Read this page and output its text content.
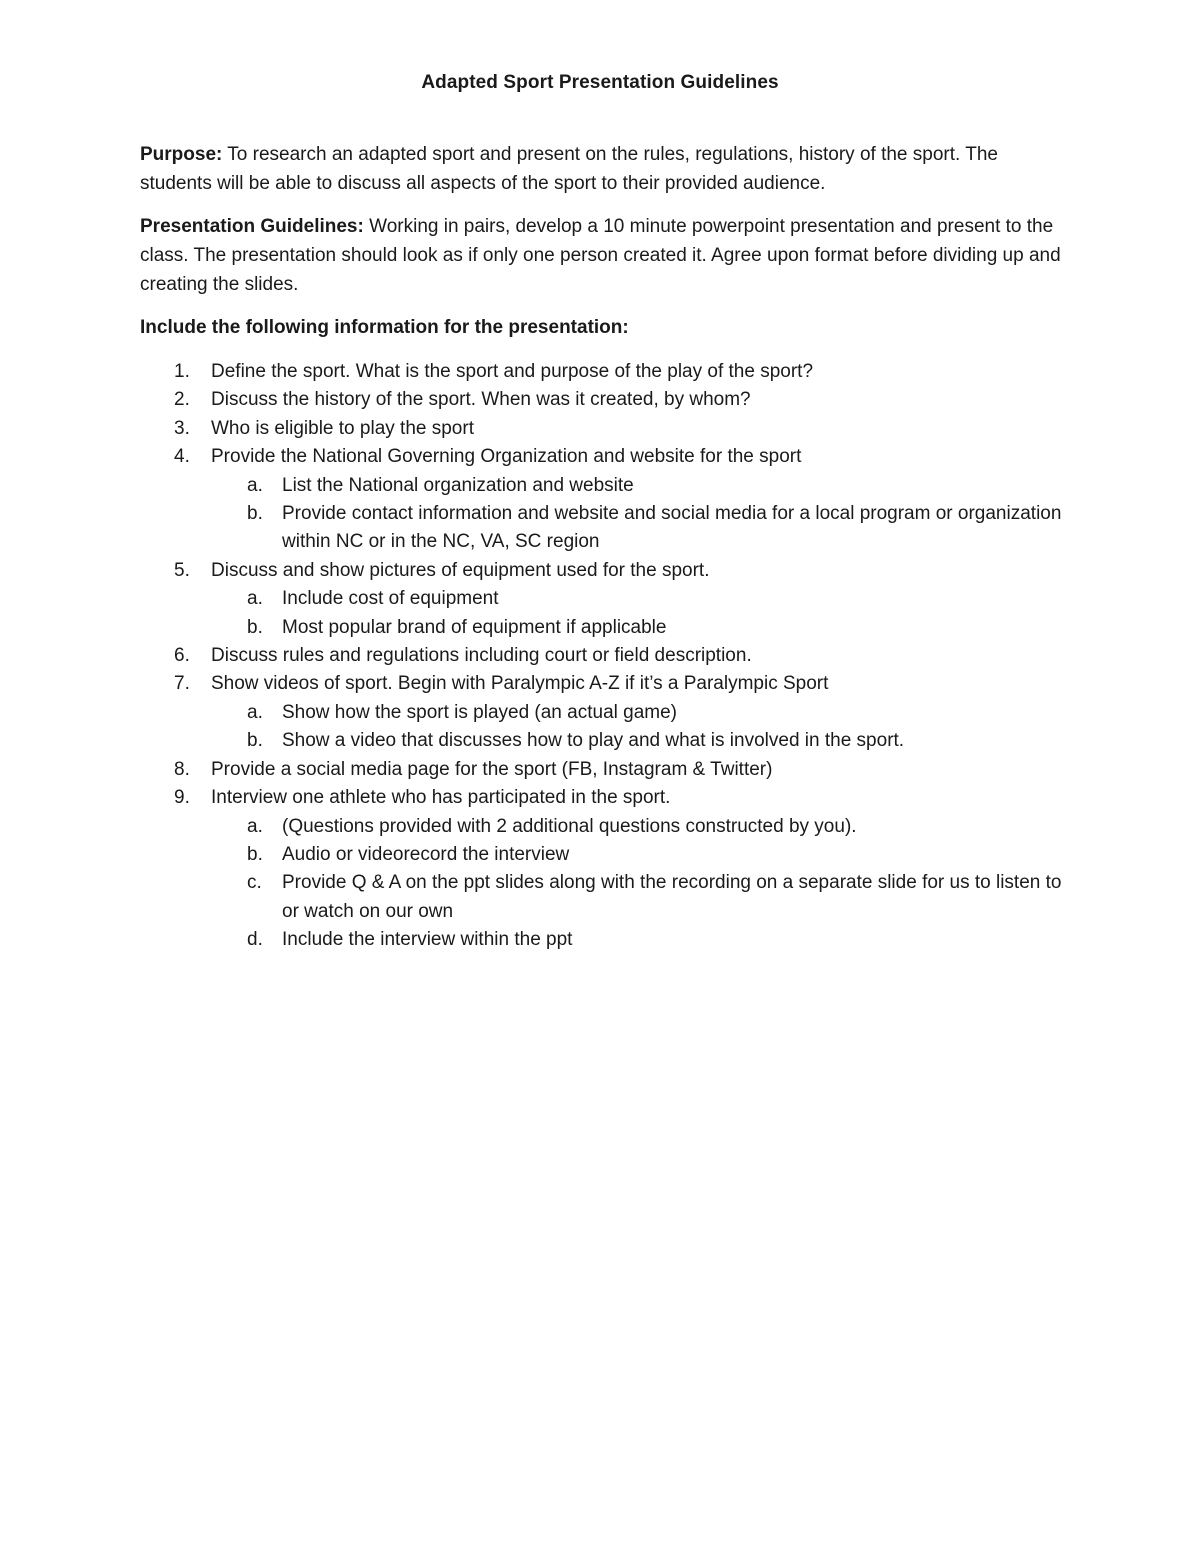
Adapted Sport Presentation Guidelines

Purpose: To research an adapted sport and present on the rules, regulations, history of the sport. The students will be able to discuss all aspects of the sport to their provided audience.

Presentation Guidelines: Working in pairs, develop a 10 minute powerpoint presentation and present to the class. The presentation should look as if only one person created it. Agree upon format before dividing up and creating the slides.

Include the following information for the presentation:

1. Define the sport. What is the sport and purpose of the play of the sport?
2. Discuss the history of the sport. When was it created, by whom?
3. Who is eligible to play the sport
4. Provide the National Governing Organization and website for the sport
a. List the National organization and website
b. Provide contact information and website and social media for a local program or organization within NC or in the NC, VA, SC region
5. Discuss and show pictures of equipment used for the sport.
a. Include cost of equipment
b. Most popular brand of equipment if applicable
6. Discuss rules and regulations including court or field description.
7. Show videos of sport. Begin with Paralympic A-Z if it’s a Paralympic Sport
a. Show how the sport is played (an actual game)
b. Show a video that discusses how to play and what is involved in the sport.
8. Provide a social media page for the sport (FB, Instagram & Twitter)
9. Interview one athlete who has participated in the sport.
a. (Questions provided with 2 additional questions constructed by you).
b. Audio or videorecord the interview
c. Provide Q & A on the ppt slides along with the recording on a separate slide for us to listen to or watch on our own
d. Include the interview within the ppt
